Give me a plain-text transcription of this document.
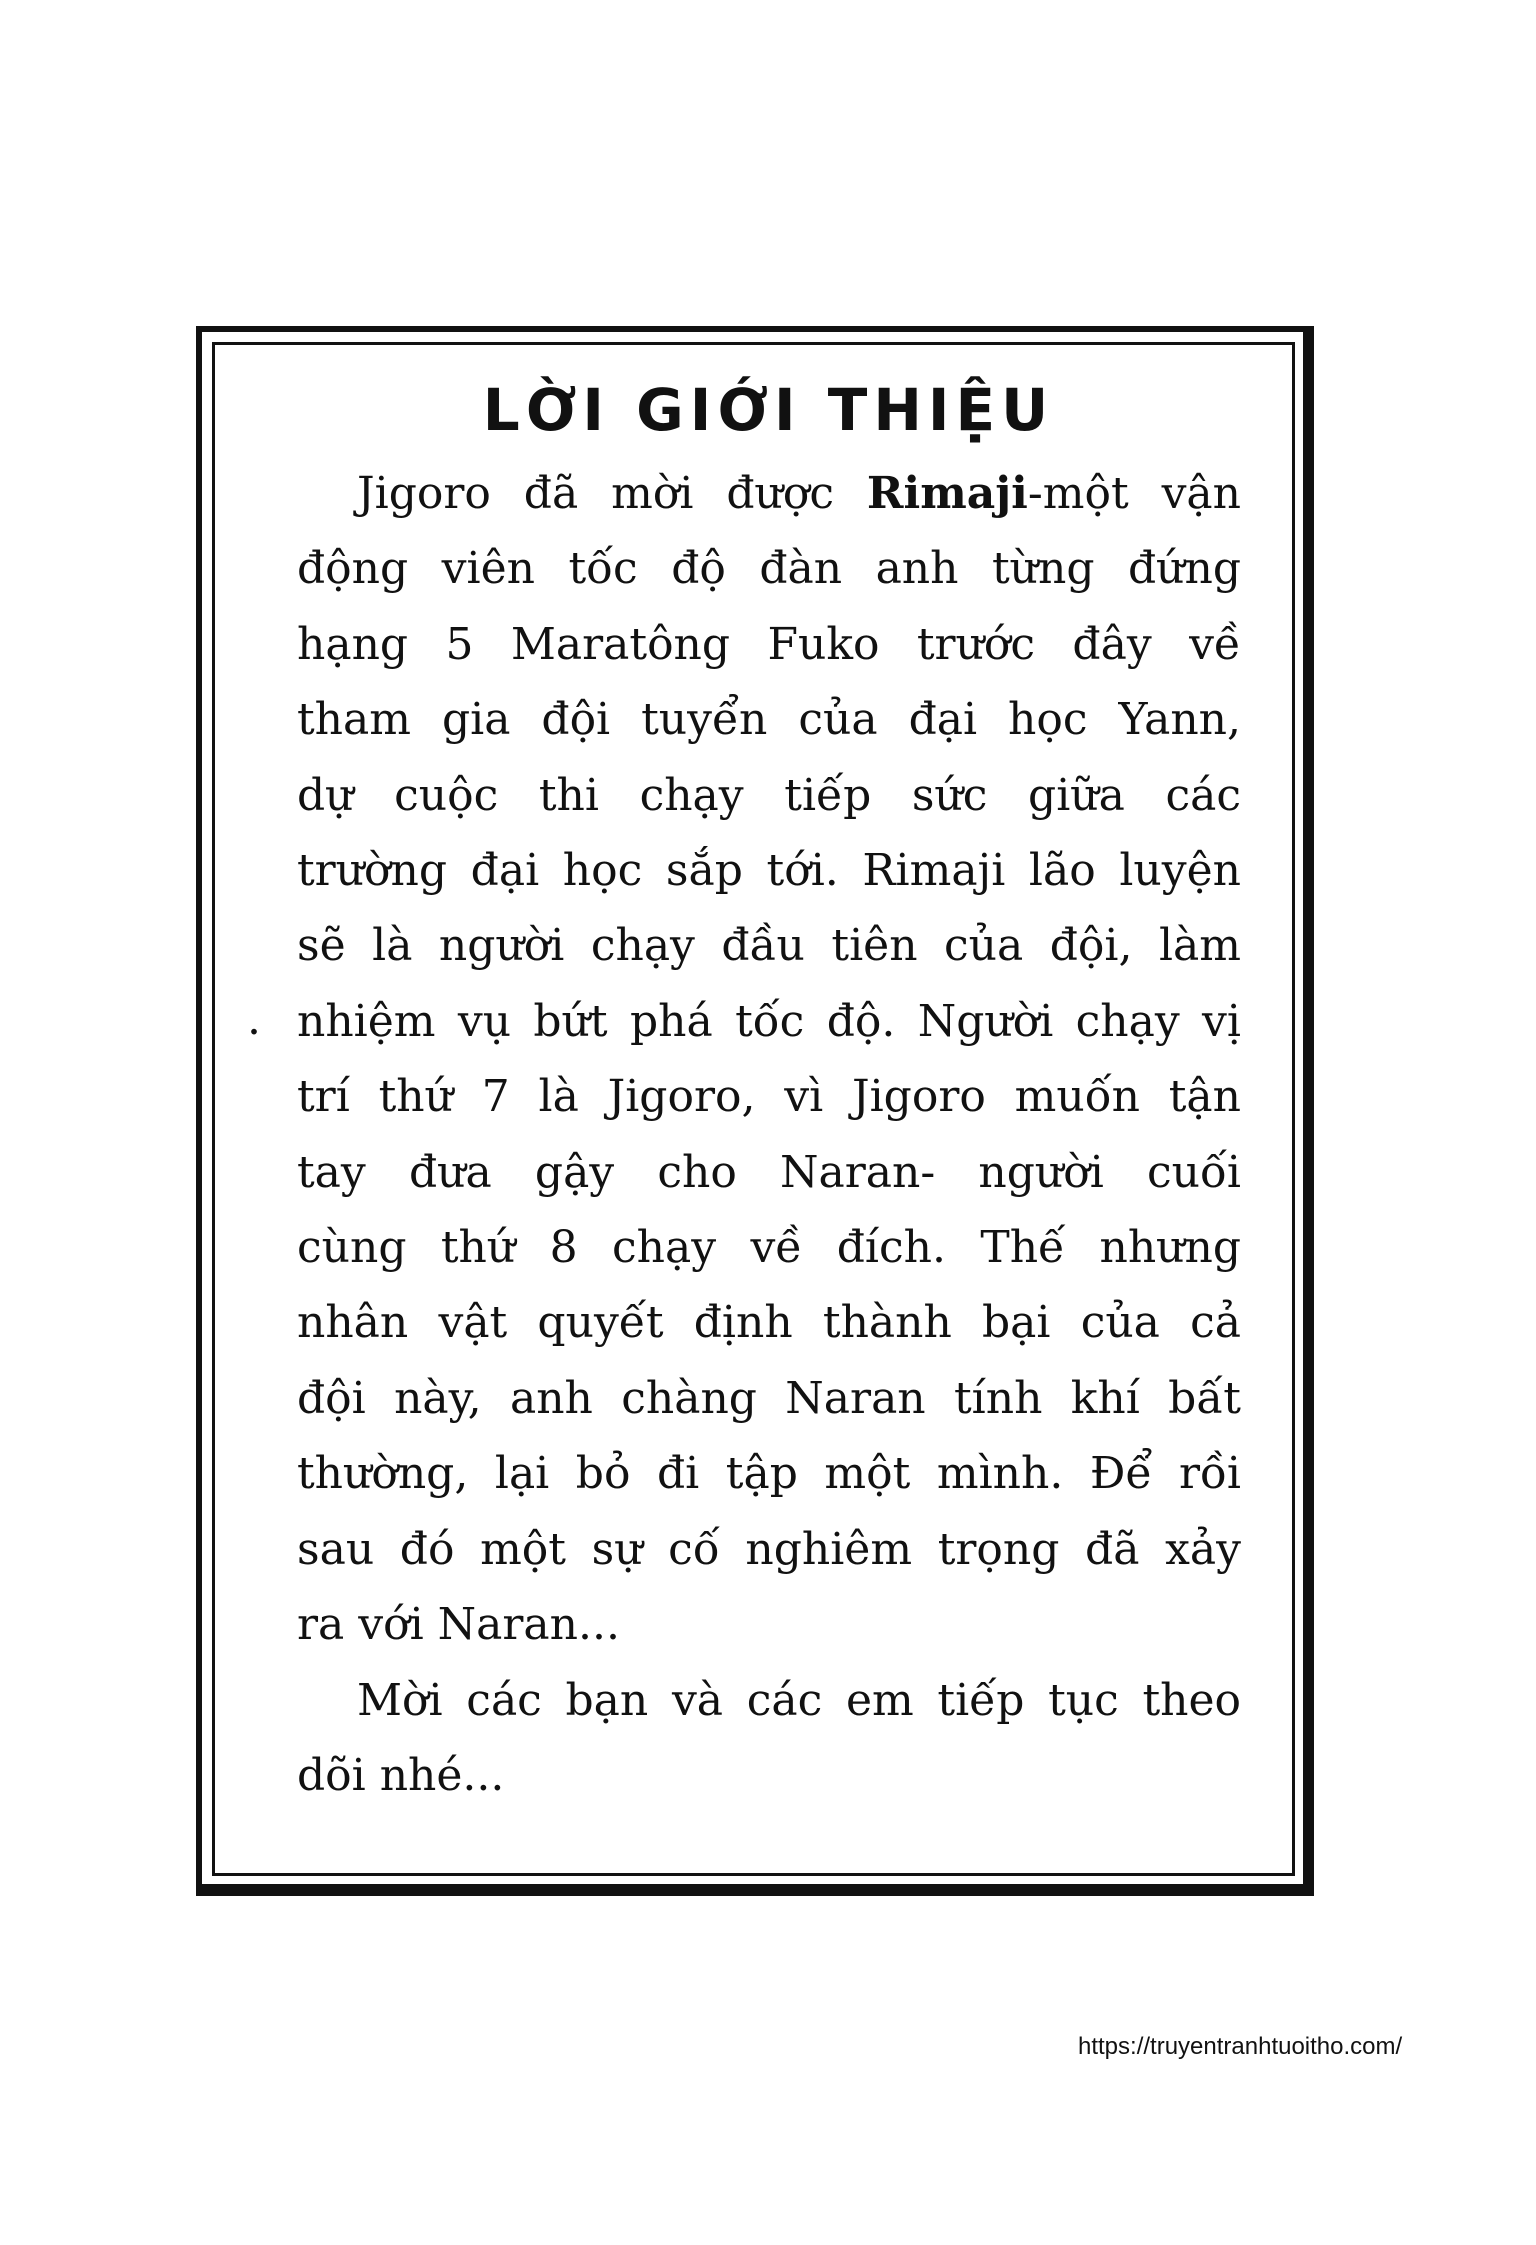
LỜI GIỚI THIỆU
Jigoro đã mời được Rimaji-một vận
động viên tốc độ đàn anh từng đứng
hạng 5 Maratông Fuko trước đây về
tham gia đội tuyển của đại học Yann,
dự cuộc thi chạy tiếp sức giữa các
trường đại học sắp tới. Rimaji lão luyện
sẽ là người chạy đầu tiên của đội, làm
nhiệm vụ bứt phá tốc độ. Người chạy vị
trí thứ 7 là Jigoro, vì Jigoro muốn tận
tay đưa gậy cho Naran- người cuối
cùng thứ 8 chạy về đích. Thế nhưng
nhân vật quyết định thành bại của cả
đội này, anh chàng Naran tính khí bất
thường, lại bỏ đi tập một mình. Để rồi
sau đó một sự cố nghiêm trọng đã xảy
ra với Naran...
Mời các bạn và các em tiếp tục theo
dõi nhé...
.
https://truyentranhtuoitho.com/
